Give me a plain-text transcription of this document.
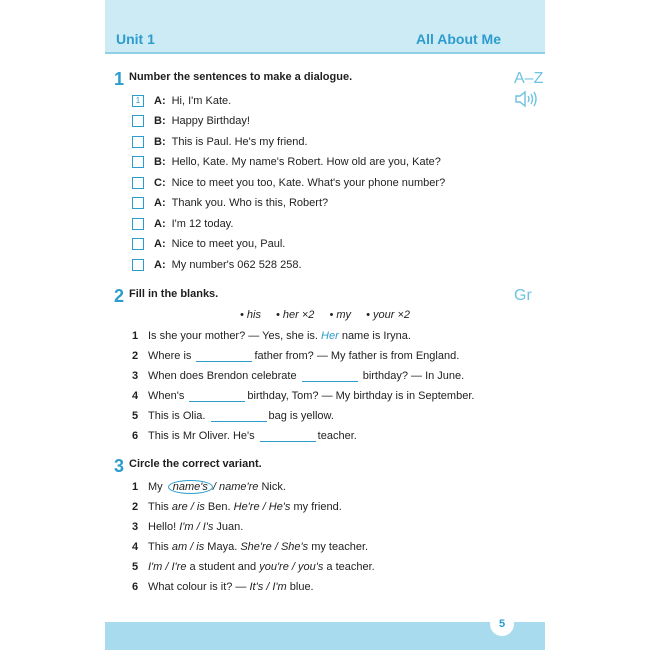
Unit 1	All About Me
1 Number the sentences to make a dialogue.	A–Z
1	A: Hi, I'm Kate.
B: Happy Birthday!
B: This is Paul. He's my friend.
B: Hello, Kate. My name's Robert. How old are you, Kate?
C: Nice to meet you too, Kate. What's your phone number?
A: Thank you. Who is this, Robert?
A: I'm 12 today.
A: Nice to meet you, Paul.
A: My number's 062 528 258.
2 Fill in the blanks.	Gr
• his • her ×2 • my • your ×2
1 Is she your mother? — Yes, she is. Her name is Iryna.
2 Where is	father from? — My father is from England.
3 When does Brendon celebrate	birthday? — In June.
4 When's	birthday, Tom? — My birthday is in September.
5 This is Olia.	bag is yellow.
6 This is Mr Oliver. He's	teacher.
3 Circle the correct variant.
1 My name's / name're Nick.
2 This are / is Ben. He're / He's my friend.
3 Hello! I'm / I's Juan.
4 This am / is Maya. She're / She's my teacher.
5 I'm / I're a student and you're / you's a teacher.
6 What colour is it? — It's / I'm blue.
5
